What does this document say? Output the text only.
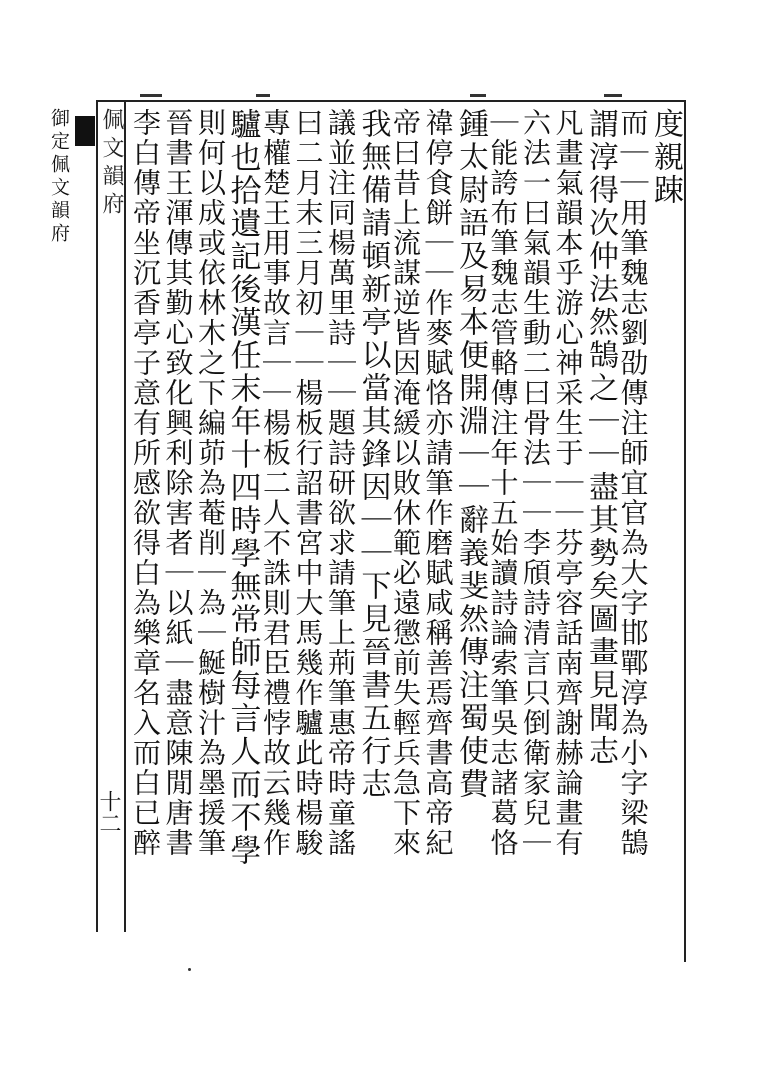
佩文韻府
御定佩文韻府
十二
度親踈
而｜｜用筆魏志劉劭傳注師宜官為大字邯鄲淳為小字梁鵠
謂淳得次仲法然鵠之｜｜盡其勢矣圖畫見聞志
凡畫氣韻本乎游心神采生于｜｜芬亭容話南齊謝赫論畫有
六法一曰氣韻生動二曰骨法｜｜李頎詩清言只倒衛家兒｜
｜能誇布筆魏志管輅傳注年十五始讀詩論索筆吳志諸葛恪
鍾太尉語及易本便開淵｜｜辭義斐然傳注蜀使費
禕停食餅｜｜作麥賦恪亦請筆作磨賦咸稱善焉齊書高帝紀
帝曰昔上流謀逆皆因淹緩以敗休範必遠懲前失輕兵急下來
我無備請頓新亭以當其鋒因｜｜下見晉書五行志
議並注同楊萬里詩｜｜題詩研欲求請筆上荊筆惠帝時童謠
曰二月末三月初｜｜楊板行詔書宮中大馬幾作驢此時楊駿
專權楚王用事故言｜｜楊板二人不誅則君臣禮悖故云幾作
驢也拾遺記後漢任末年十四時學無常師每言人而不學
則何以成或依林木之下編茆為菴削｜為｜鯅樹汁為墨援筆
晉書王渾傳其勤心致化興利除害者｜以紙｜盡意陳閒唐書
李白傳帝坐沉香亭子意有所感欲得白為樂章名入而白已醉
